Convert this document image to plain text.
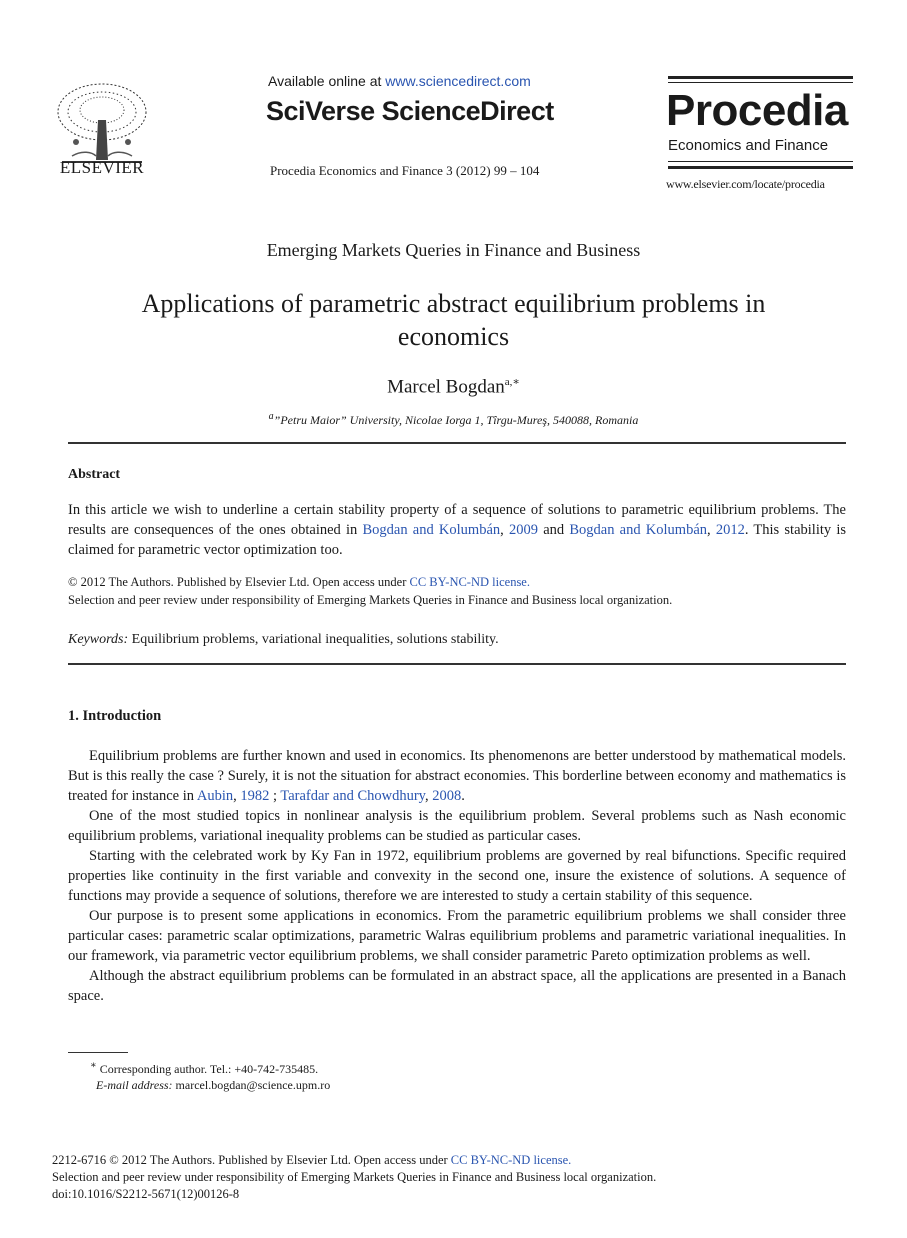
ELSEVIER
Available online at www.sciencedirect.com
SciVerse ScienceDirect
Procedia Economics and Finance 3 (2012) 99 – 104
Procedia
Economics and Finance
www.elsevier.com/locate/procedia
Emerging Markets Queries in Finance and Business
Applications of parametric abstract equilibrium problems in
economics
Marcel Bogdan$^{a,∗}$
$^a$”Petru Maior” University, Nicolae Iorga 1, Tîrgu-Mureş, 540088, Romania
Abstract
In this article we wish to underline a certain stability property of a sequence of solutions to parametric equilibrium problems. The results are consequences of the ones obtained in Bogdan and Kolumbán, 2009 and Bogdan and Kolumbán, 2012. This stability is claimed for parametric vector optimization too.
© 2012 The Authors. Published by Elsevier Ltd. Open access under CC BY-NC-ND license.
Selection and peer review under responsibility of Emerging Markets Queries in Finance and Business local organization.
Keywords: Equilibrium problems, variational inequalities, solutions stability.
1. Introduction

Equilibrium problems are further known and used in economics. Its phenomenons are better understood by mathematical models. But is this really the case ? Surely, it is not the situation for abstract economies. This borderline between economy and mathematics is treated for instance in Aubin, 1982 ; Tarafdar and Chowdhury, 2008.

One of the most studied topics in nonlinear analysis is the equilibrium problem. Several problems such as Nash economic equilibrium problems, variational inequality problems can be studied as particular cases.

Starting with the celebrated work by Ky Fan in 1972, equilibrium problems are governed by real bifunctions. Specific required properties like continuity in the first variable and convexity in the second one, insure the existence of solutions. A sequence of functions may provide a sequence of solutions, therefore we are interested to study a certain stability of this sequence.

Our purpose is to present some applications in economics. From the parametric equilibrium problems we shall consider three particular cases: parametric scalar optimizations, parametric Walras equilibrium problems and parametric variational inequalities. In our framework, via parametric vector equilibrium problems, we shall consider parametric Pareto optimization problems as well.

Although the abstract equilibrium problems can be formulated in an abstract space, all the applications are presented in a Banach space.

∗ Corresponding author. Tel.: +40-742-735485.
E-mail address: marcel.bogdan@science.upm.ro
2212-6716 © 2012 The Authors. Published by Elsevier Ltd. Open access under CC BY-NC-ND license.
Selection and peer review under responsibility of Emerging Markets Queries in Finance and Business local organization.
doi:10.1016/S2212-5671(12)00126-8
